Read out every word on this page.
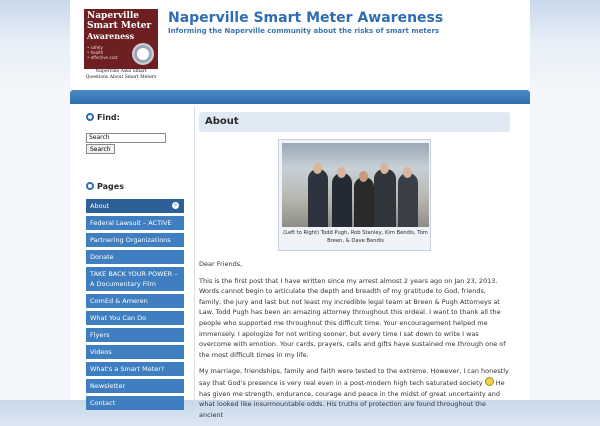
Naperville
Smart Meter
Awareness
• safety
• health
• effective cost
Naperville Asks Smart Questions About Smart Meters
Naperville Smart Meter Awareness
Informing the Naperville community about the risks of smart meters
Find:
Search
Search
Pages
About	»
Federal Lawsuit – ACTIVE
Partnering Organizations
Donate
TAKE BACK YOUR POWER – A Documentary Film
ComEd & Ameren
What You Can Do
Flyers
Videos
What's a Smart Meter?
Newsletter
Contact
About
(Left to Right) Todd Pugh, Rob Stanley, Kim Bendis, Tom Breen, & Dave Bendis

Dear Friends,

This is the first post that I have written since my arrest almost 2 years ago on Jan 23, 2013. Words cannot begin to articulate the depth and breadth of my gratitude to God, friends, family, the jury and last but not least my incredible legal team at Breen & Pugh Attorneys at Law. Todd Pugh has been an amazing attorney throughout this ordeal. I want to thank all the people who supported me throughout this difficult time. Your encouragement helped me immensely. I apologize for not writing sooner, but every time I sat down to write I was overcome with emotion. Your cards, prayers, calls and gifts have sustained me through one of the most difficult times in my life.

My marriage, friendships, family and faith were tested to the extreme. However, I can honestly say that God's presence is very real even in a post-modern high tech saturated society He has given me strength, endurance, courage and peace in the midst of great uncertainty and what looked like insurmountable odds. His truths of protection are found throughout the ancient
